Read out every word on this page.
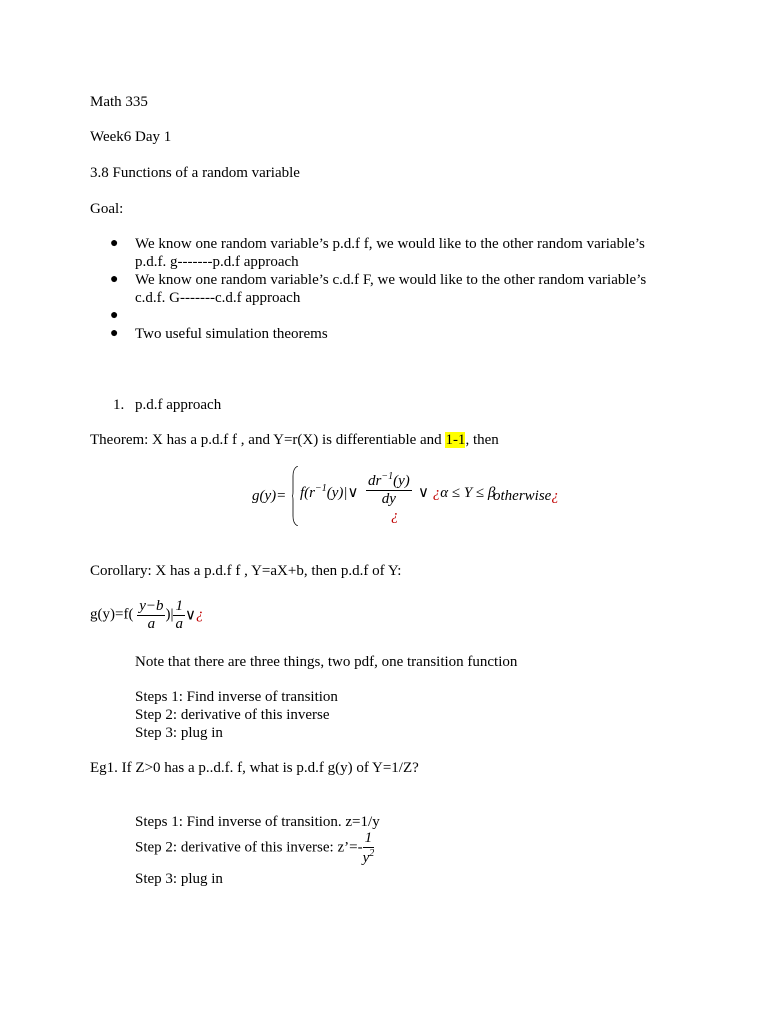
Math 335
Week6 Day 1
3.8 Functions of a random variable
Goal:
● We know one random variable’s p.d.f f, we would like to the other random variable’s
p.d.f. g-------p.d.f approach
● We know one random variable’s c.d.f F, we would like to the other random variable’s
c.d.f. G-------c.d.f approach
●
● Two useful simulation theorems
1. p.d.f approach
Theorem: X has a p.d.f f , and Y=r(X) is differentiable and 1-1, then
$g(y)= f(r^{-1}(y)|\vee \frac{dr^{-1}(y)}{dy}$ ∨ ¿α ≤ Y ≤ β
otherwise¿
¿
Corollary: X has a p.d.f f , Y=aX+b, then p.d.f of Y:
$g(y)=f( \frac{y-b}{a}$ )| $\frac{1}{a}$ ∨¿
Note that there are three things, two pdf, one transition function
Steps 1: Find inverse of transition
Step 2: derivative of this inverse
Step 3: plug in
Eg1. If Z>0 has a p..d.f. f, what is p.d.f g(y) of Y=1/Z?
Steps 1: Find inverse of transition. z=1/y
Step 2: derivative of this inverse: z’=- $\frac{1}{y^2}$
Step 3: plug in
